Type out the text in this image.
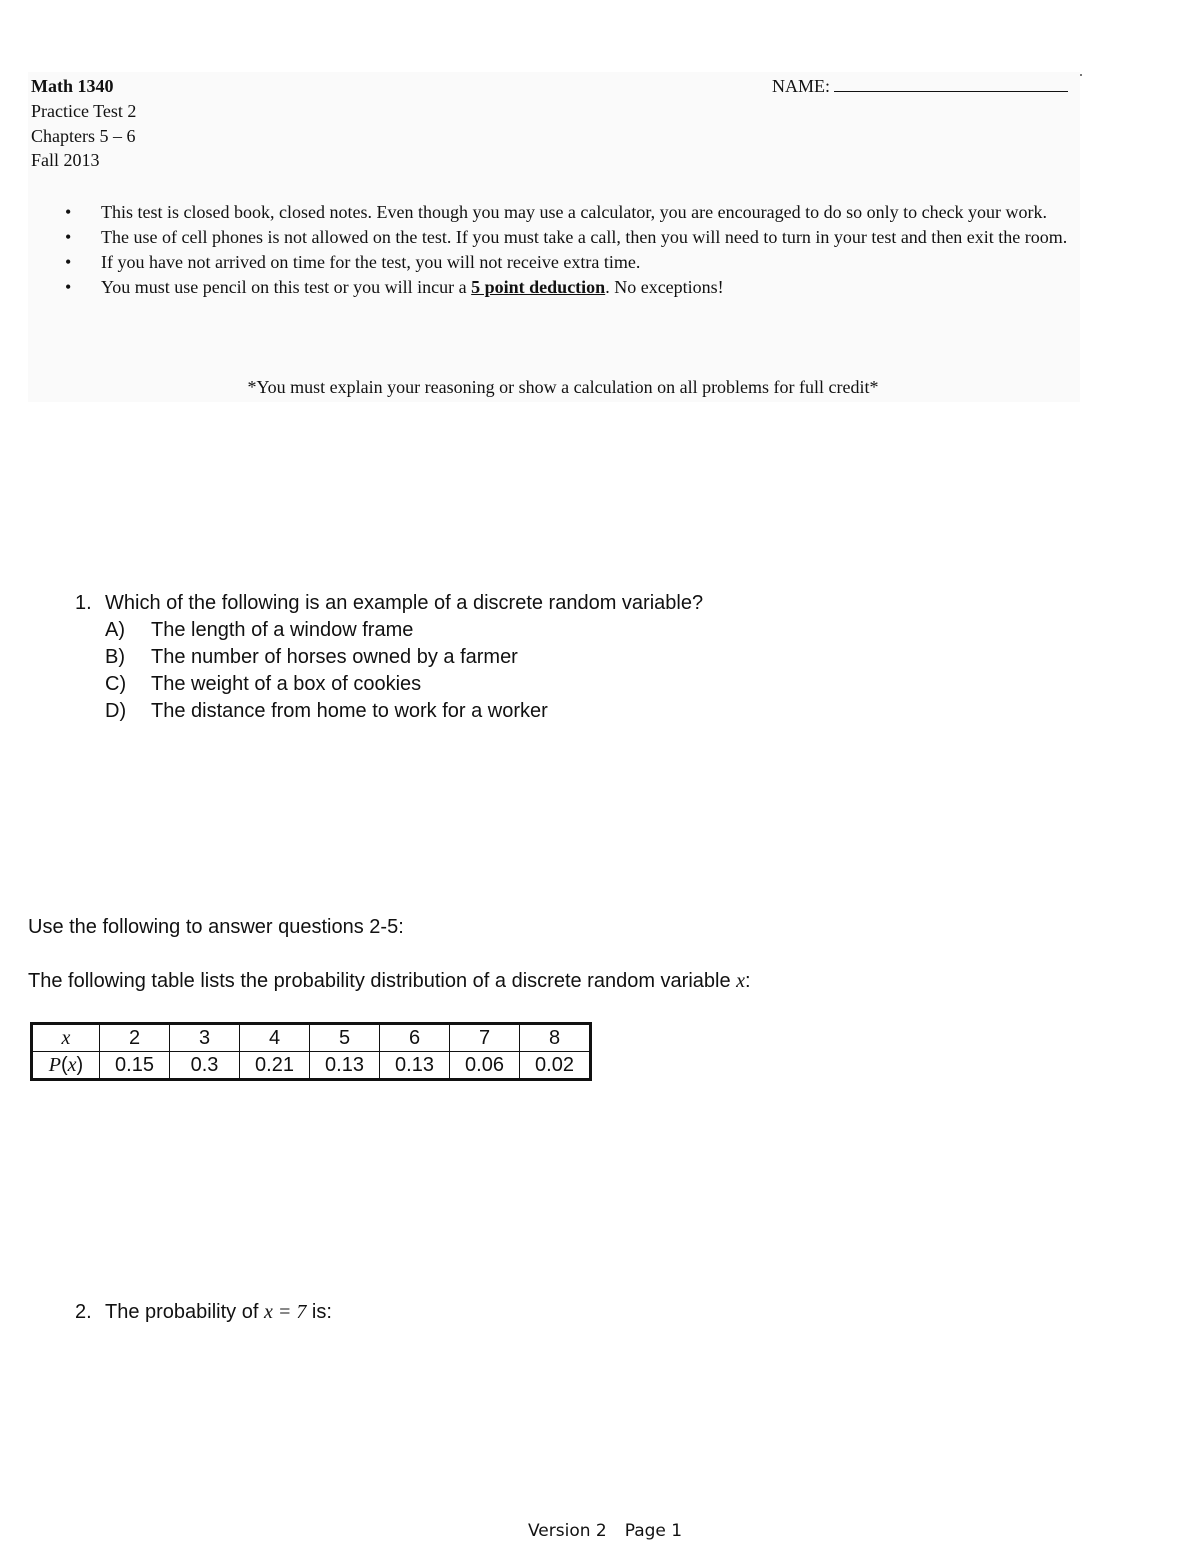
Math 1340
Practice Test 2
Chapters 5 – 6
Fall 2013
NAME:
• This test is closed book, closed notes. Even though you may use a calculator, you are encouraged to do so only to check your work.
• The use of cell phones is not allowed on the test. If you must take a call, then you will need to turn in your test and then exit the room.
• If you have not arrived on time for the test, you will not receive extra time.
• You must use pencil on this test or you will incur a 5 point deduction. No exceptions!
*You must explain your reasoning or show a calculation on all problems for full credit*
1. Which of the following is an example of a discrete random variable?
A) The length of a window frame
B) The number of horses owned by a farmer
C) The weight of a box of cookies
D) The distance from home to work for a worker
Use the following to answer questions 2-5:
The following table lists the probability distribution of a discrete random variable x:
x	2	3	4	5	6	7	8
P(x)	0.15	0.3	0.21	0.13	0.13	0.06	0.02
2. The probability of x = 7 is:
Version 2 Page 1
